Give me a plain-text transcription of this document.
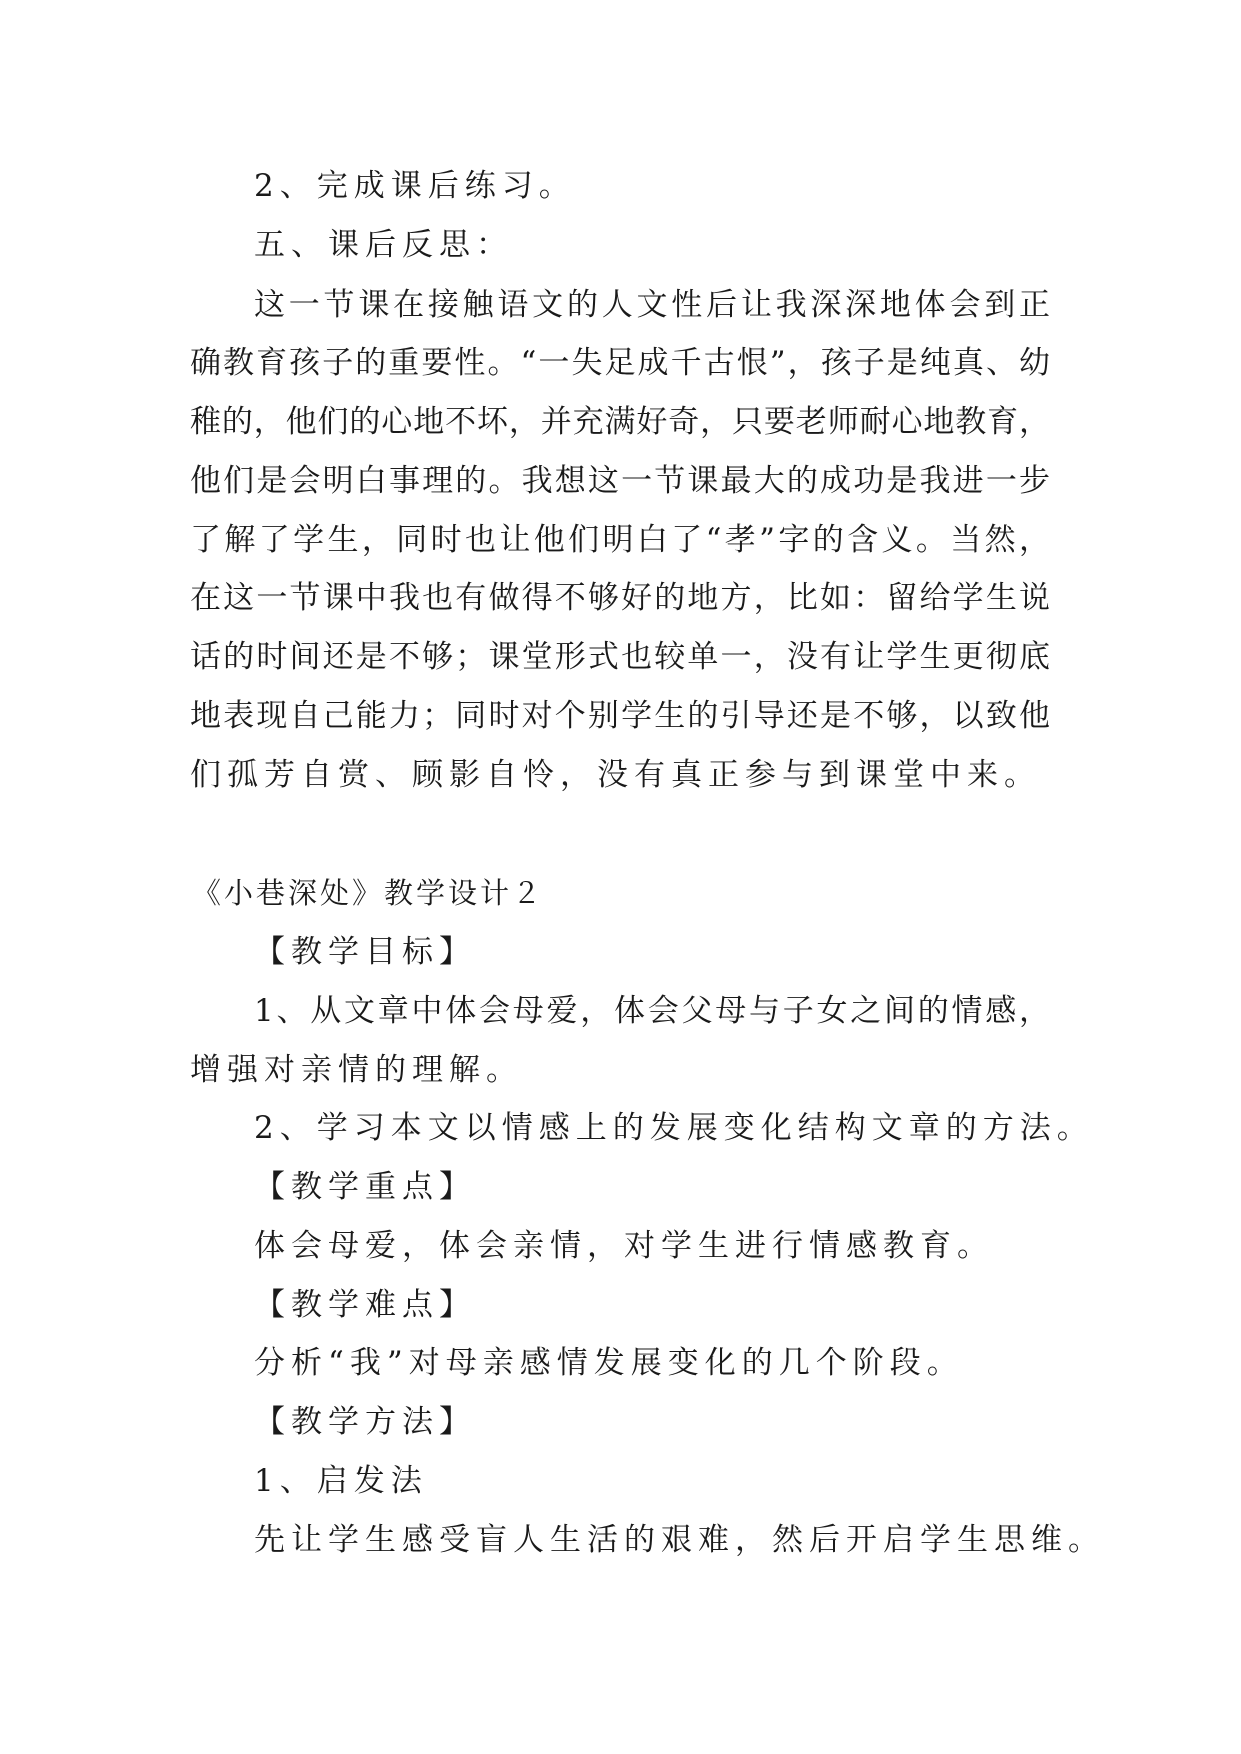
2、完成课后练习。
五、课后反思：
这一节课在接触语文的人文性后让我深深地体会到正
确教育孩子的重要性。“一失足成千古恨”，孩子是纯真、幼
稚的，他们的心地不坏，并充满好奇，只要老师耐心地教育，
他们是会明白事理的。我想这一节课最大的成功是我进一步
了解了学生，同时也让他们明白了“孝”字的含义。当然，
在这一节课中我也有做得不够好的地方，比如：留给学生说
话的时间还是不够；课堂形式也较单一，没有让学生更彻底
地表现自己能力；同时对个别学生的引导还是不够，以致他
们孤芳自赏、顾影自怜，没有真正参与到课堂中来。
《小巷深处》教学设计２
【教学目标】
1、从文章中体会母爱，体会父母与子女之间的情感，
增强对亲情的理解。
2、学习本文以情感上的发展变化结构文章的方法。
【教学重点】
体会母爱，体会亲情，对学生进行情感教育。
【教学难点】
分析“我”对母亲感情发展变化的几个阶段。
【教学方法】
1、启发法
先让学生感受盲人生活的艰难，然后开启学生思维。
